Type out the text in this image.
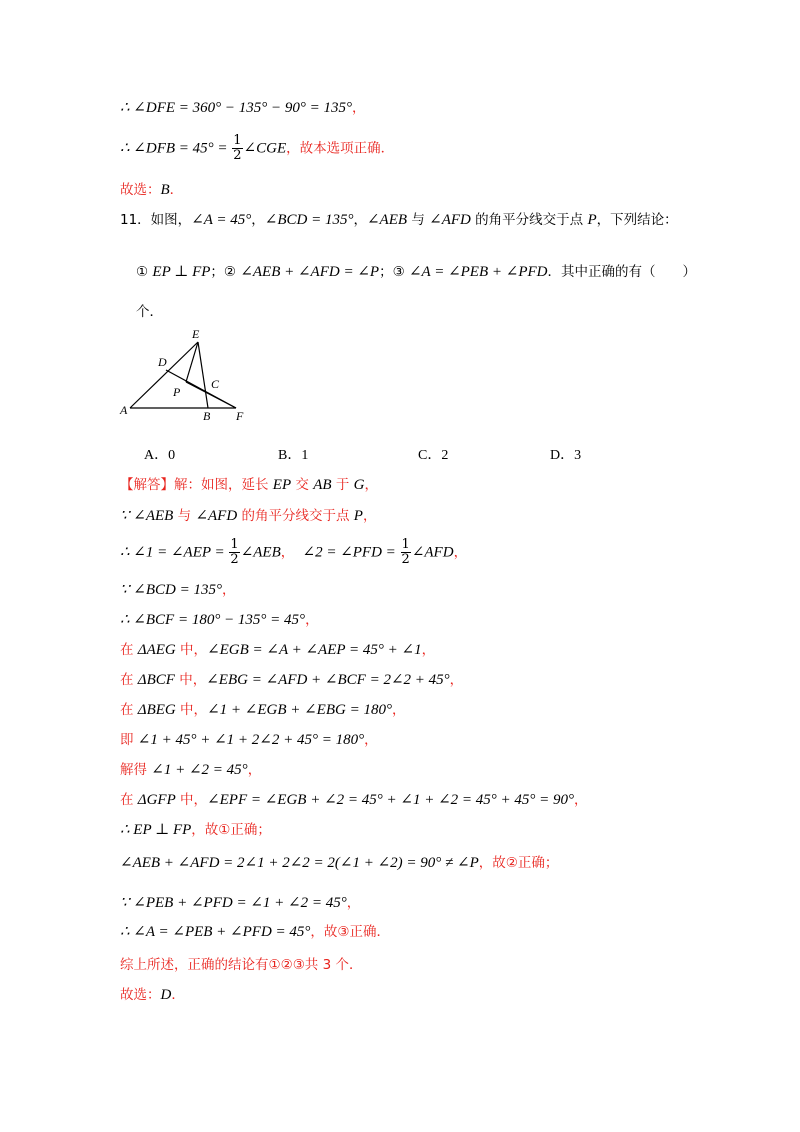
∴ ∠DFE = 360° − 135° − 90° = 135°，
∴ ∠DFB = $45^\circ = \frac{1}{2}$ ∠CGE，故本选项正确．
故选：B．
11．如图，∠A = 45°，∠BCD = 135°，∠AEB 与 ∠AFD 的角平分线交于点 P，下列结论：
① EP ⊥ FP；② ∠AEB + ∠AFD = ∠P；③ ∠A = ∠PEB + ∠PFD．其中正确的有（　　）
个．
【解答】解：如图，延长 EP 交 AB 于 G，
∵ ∠AEB 与 ∠AFD 的角平分线交于点 P，
∴ ∠1 = ∠AEP = $\frac{1}{2}$ ∠AEB，　∠2 = ∠PFD = $\frac{1}{2}$ ∠AFD，
∵ ∠BCD = 135°，
∴ ∠BCF = 180° − 135° = 45°，
在 ΔAEG 中，∠EGB = ∠A + ∠AEP = 45° + ∠1，
在 ΔBCF 中，∠EBG = ∠AFD + ∠BCF = 2∠2 + 45°，
在 ΔBEG 中，∠1 + ∠EGB + ∠EBG = 180°，
即 ∠1 + 45° + ∠1 + 2∠2 + 45° = 180°，
解得 ∠1 + ∠2 = 45°，
在 ΔGFP 中，∠EPF = ∠EGB + ∠2 = 45° + ∠1 + ∠2 = 45° + 45° = 90°，
∴ EP ⊥ FP，故①正确；
∠AEB + ∠AFD = 2∠1 + 2∠2 = 2(∠1 + ∠2) = 90° ≠ ∠P，故②正确；
∵ ∠PEB + ∠PFD = ∠1 + ∠2 = 45°，
∴ ∠A = ∠PEB + ∠PFD = 45°，故③正确．
综上所述，正确的结论有①②③共 3 个．
故选：D．
E
D
C
P
A	B F
A．0	B．1	C．2	D．3
